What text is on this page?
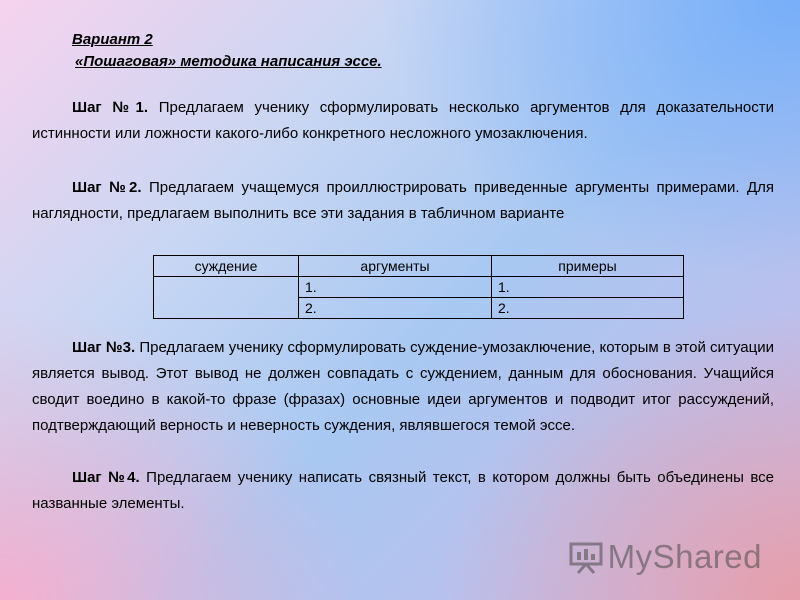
Вариант 2
«Пошаговая» методика написания эссе.
Шаг №1. Предлагаем ученику сформулировать несколько аргументов для доказательности истинности или ложности какого-либо конкретного несложного умозаключения.
Шаг №2. Предлагаем учащемуся проиллюстрировать приведенные аргументы примерами. Для наглядности, предлагаем выполнить все эти задания в табличном варианте
суждение	аргументы	примеры
	1.	1.
	2.	2.
Шаг №3. Предлагаем ученику сформулировать суждение-умозаключение, которым в этой ситуации является вывод. Этот вывод не должен совпадать с суждением, данным для обоснования. Учащийся сводит воедино в какой-то фразе (фразах) основные идеи аргументов и подводит итог рассуждений, подтверждающий верность и неверность суждения, являвшегося темой эссе.
Шаг №4. Предлагаем ученику написать связный текст, в котором должны быть объединены все названные элементы.
MyShared
